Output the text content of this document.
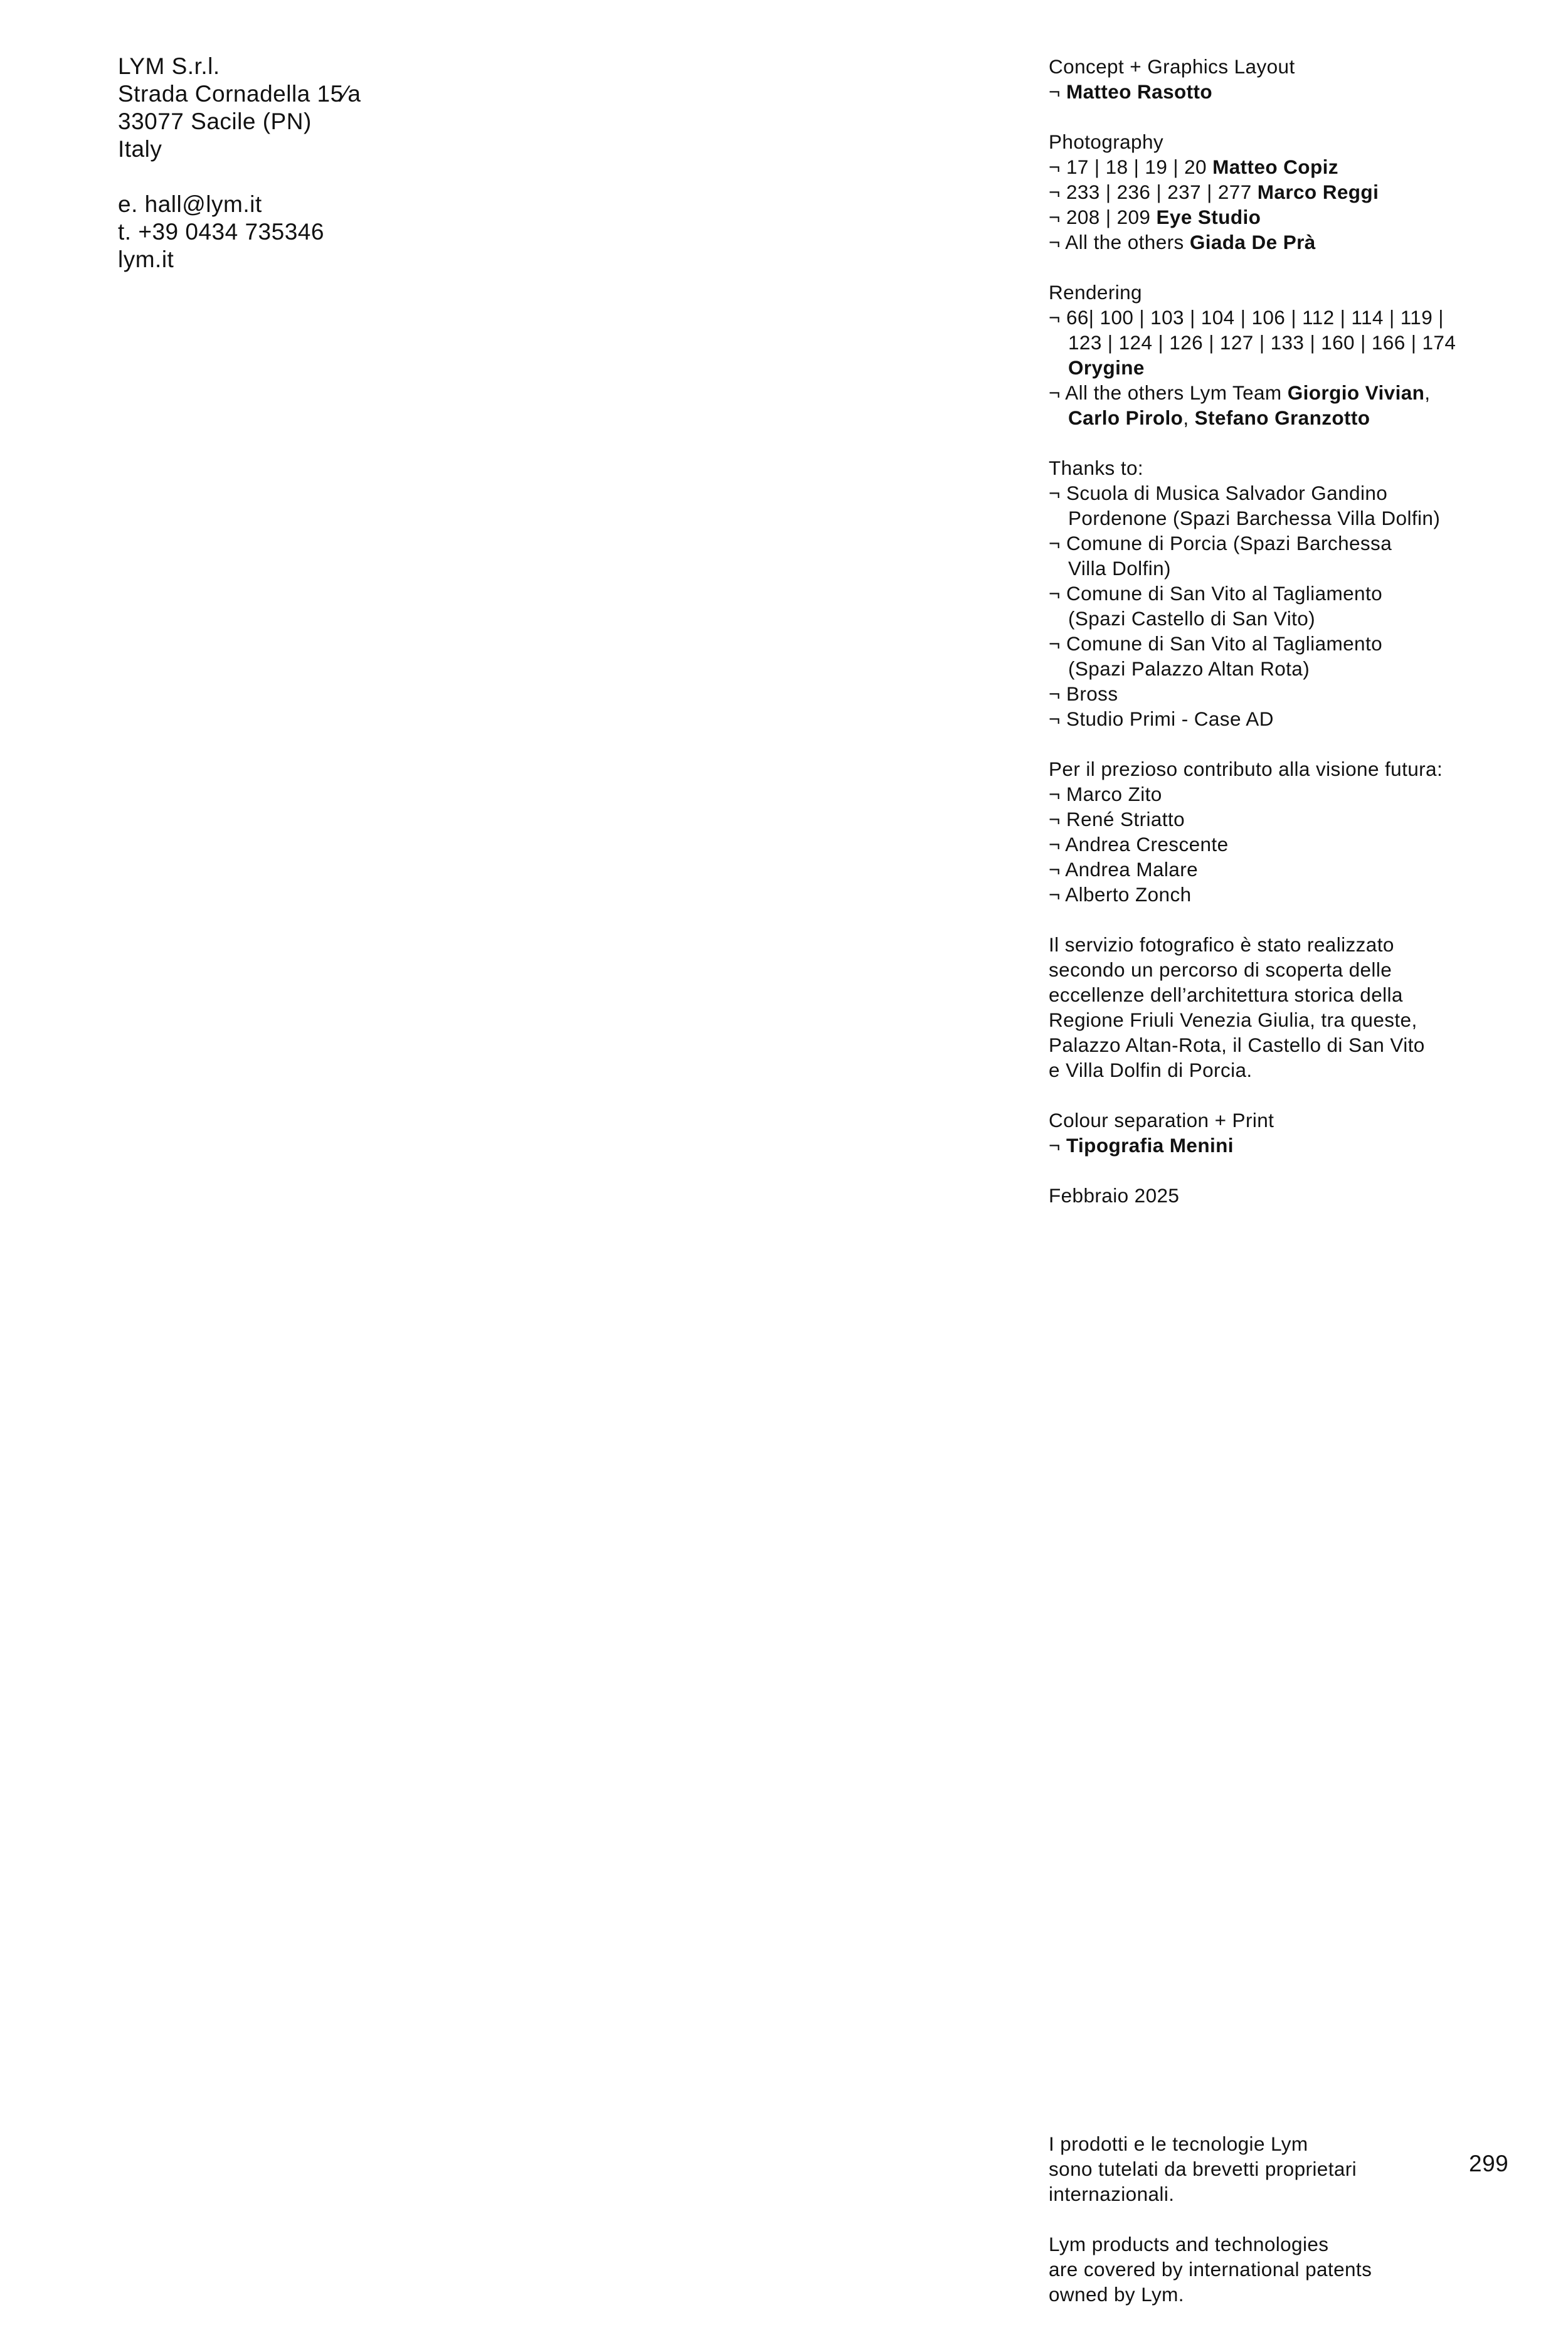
LYM S.r.l.
Strada Cornadella 15⁄a
33077 Sacile (PN)
Italy
e. hall@lym.it
t. +39 0434 735346
lym.it
Concept + Graphics Layout
¬ Matteo Rasotto
Photography
¬ 17 | 18 | 19 | 20 Matteo Copiz
¬ 233 | 236 | 237 | 277 Marco Reggi
¬ 208 | 209 Eye Studio
¬ All the others Giada De Prà
Rendering
¬ 66| 100 | 103 | 104 | 106 | 112 | 114 | 119 |
123 | 124 | 126 | 127 | 133 | 160 | 166 | 174
Orygine
¬ All the others Lym Team Giorgio Vivian,
Carlo Pirolo, Stefano Granzotto
Thanks to:
¬ Scuola di Musica Salvador Gandino
Pordenone (Spazi Barchessa Villa Dolfin)
¬ Comune di Porcia (Spazi Barchessa
Villa Dolfin)
¬ Comune di San Vito al Tagliamento
(Spazi Castello di San Vito)
¬ Comune di San Vito al Tagliamento
(Spazi Palazzo Altan Rota)
¬ Bross
¬ Studio Primi - Case AD
Per il prezioso contributo alla visione futura:
¬ Marco Zito
¬ René Striatto
¬ Andrea Crescente
¬ Andrea Malare
¬ Alberto Zonch
Il servizio fotografico è stato realizzato
secondo un percorso di scoperta delle
eccellenze dell’architettura storica della
Regione Friuli Venezia Giulia, tra queste,
Palazzo Altan-Rota, il Castello di San Vito
e Villa Dolfin di Porcia.
Colour separation + Print
¬ Tipografia Menini
Febbraio 2025
I prodotti e le tecnologie Lym
sono tutelati da brevetti proprietari
internazionali.
Lym products and technologies
are covered by international patents
owned by Lym.
299
